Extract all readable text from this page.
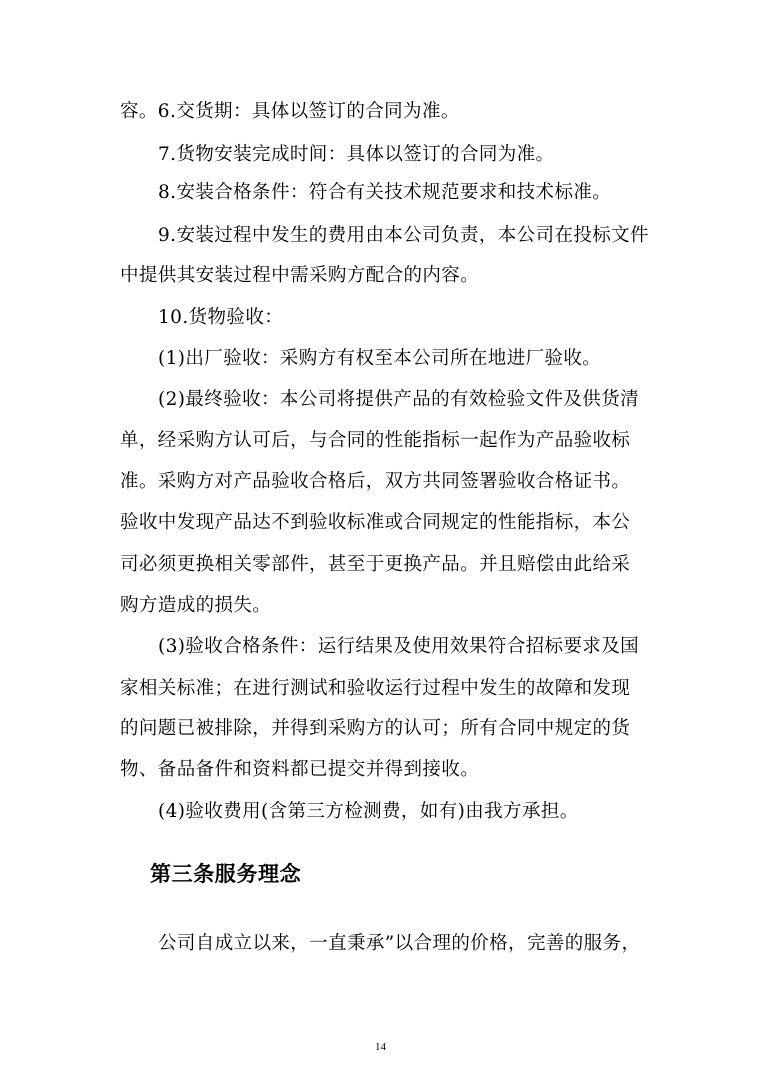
容。6.交货期：具体以签订的合同为准。
7.货物安装完成时间：具体以签订的合同为准。
8.安装合格条件：符合有关技术规范要求和技术标准。
9.安装过程中发生的费用由本公司负责，本公司在投标文件
中提供其安装过程中需采购方配合的内容。
10.货物验收：
(1)出厂验收：采购方有权至本公司所在地进厂验收。
(2)最终验收：本公司将提供产品的有效检验文件及供货清
单，经采购方认可后，与合同的性能指标一起作为产品验收标
准。采购方对产品验收合格后，双方共同签署验收合格证书。
验收中发现产品达不到验收标准或合同规定的性能指标，本公
司必须更换相关零部件，甚至于更换产品。并且赔偿由此给采
购方造成的损失。
(3)验收合格条件：运行结果及使用效果符合招标要求及国
家相关标准；在进行测试和验收运行过程中发生的故障和发现
的问题已被排除，并得到采购方的认可；所有合同中规定的货
物、备品备件和资料都已提交并得到接收。
(4)验收费用(含第三方检测费，如有)由我方承担。
第三条服务理念
公司自成立以来，一直秉承”以合理的价格，完善的服务，
14
